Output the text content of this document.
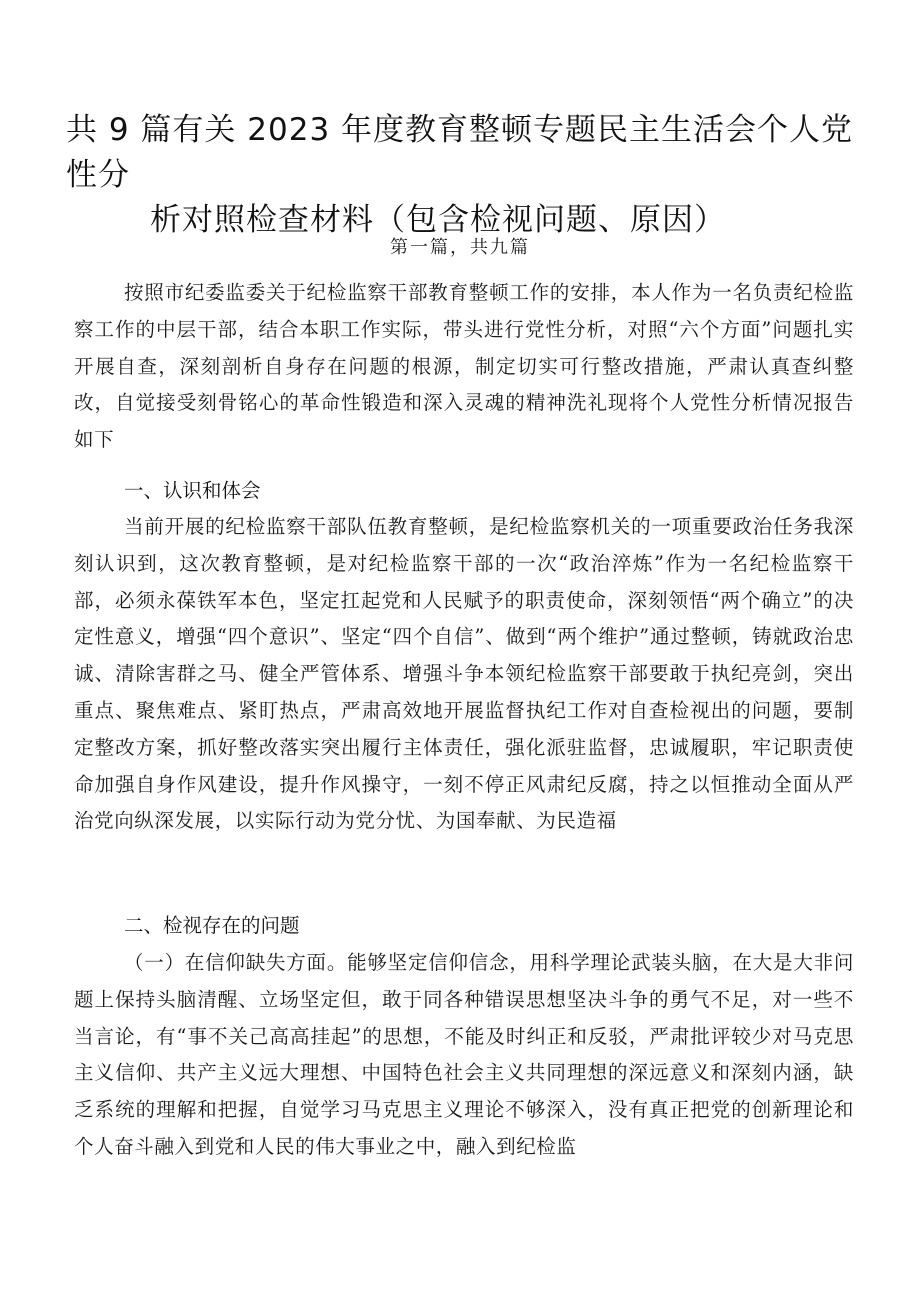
共 9 篇有关 2023 年度教育整顿专题民主生活会个人党性分
析对照检查材料（包含检视问题、原因）
第一篇，共九篇

按照市纪委监委关于纪检监察干部教育整顿工作的安排，本人作为一名负责纪检监察工作的中层干部，结合本职工作实际，带头进行党性分析，对照“六个方面”问题扎实开展自查，深刻剖析自身存在问题的根源，制定切实可行整改措施，严肃认真查纠整改，自觉接受刻骨铭心的革命性锻造和深入灵魂的精神洗礼现将个人党性分析情况报告如下

一、认识和体会

当前开展的纪检监察干部队伍教育整顿，是纪检监察机关的一项重要政治任务我深刻认识到，这次教育整顿，是对纪检监察干部的一次“政治淬炼”作为一名纪检监察干部，必须永葆铁军本色，坚定扛起党和人民赋予的职责使命，深刻领悟“两个确立”的决定性意义，增强“四个意识”、坚定“四个自信”、做到“两个维护”通过整顿，铸就政治忠诚、清除害群之马、健全严管体系、增强斗争本领纪检监察干部要敢于执纪亮剑，突出重点、聚焦难点、紧盯热点，严肃高效地开展监督执纪工作对自查检视出的问题，要制定整改方案，抓好整改落实突出履行主体责任，强化派驻监督，忠诚履职，牢记职责使命加强自身作风建设，提升作风操守，一刻不停正风肃纪反腐，持之以恒推动全面从严治党向纵深发展，以实际行动为党分忧、为国奉献、为民造福

二、检视存在的问题

（一）在信仰缺失方面。能够坚定信仰信念，用科学理论武装头脑，在大是大非问题上保持头脑清醒、立场坚定但，敢于同各种错误思想坚决斗争的勇气不足，对一些不当言论，有“事不关己高高挂起”的思想，不能及时纠正和反驳，严肃批评较少对马克思主义信仰、共产主义远大理想、中国特色社会主义共同理想的深远意义和深刻内涵，缺乏系统的理解和把握，自觉学习马克思主义理论不够深入，没有真正把党的创新理论和个人奋斗融入到党和人民的伟大事业之中，融入到纪检监
